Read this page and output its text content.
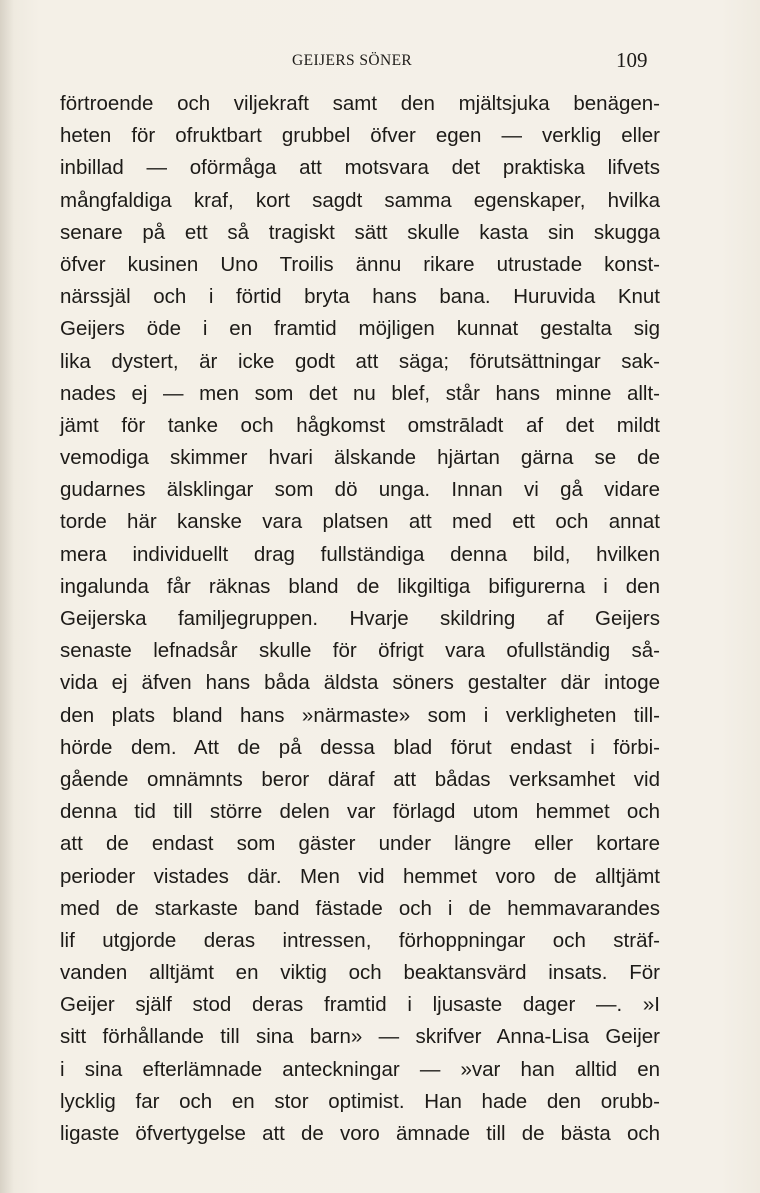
GEIJERS SÖNER	109
förtroende och viljekraft samt den mjältsjuka benägen-
heten för ofruktbart grubbel öfver egen — verklig eller
inbillad — oförmåga att motsvara det praktiska lifvets
mångfaldiga kraf, kort sagdt samma egenskaper, hvilka
senare på ett så tragiskt sätt skulle kasta sin skugga
öfver kusinen Uno Troilis ännu rikare utrustade konst-
närssjäl och i förtid bryta hans bana. Huruvida Knut
Geijers öde i en framtid möjligen kunnat gestalta sig
lika dystert, är icke godt att säga; förutsättningar sak-
nades ej — men som det nu blef, står hans minne allt-
jämt för tanke och hågkomst omstrāladt af det mildt
vemodiga skimmer hvari älskande hjärtan gärna se de
gudarnes älsklingar som dö unga. Innan vi gå vidare
torde här kanske vara platsen att med ett och annat
mera individuellt drag fullständiga denna bild, hvilken
ingalunda får räknas bland de likgiltiga bifigurerna i den
Geijerska familjegruppen. Hvarje skildring af Geijers
senaste lefnadsår skulle för öfrigt vara ofullständig så-
vida ej äfven hans båda äldsta söners gestalter där intoge
den plats bland hans »närmaste» som i verkligheten till-
hörde dem. Att de på dessa blad förut endast i förbi-
gående omnämnts beror däraf att bådas verksamhet vid
denna tid till större delen var förlagd utom hemmet och
att de endast som gäster under längre eller kortare
perioder vistades där. Men vid hemmet voro de alltjämt
med de starkaste band fästade och i de hemmavarandes
lif utgjorde deras intressen, förhoppningar och sträf-
vanden alltjämt en viktig och beaktansvärd insats. För
Geijer själf stod deras framtid i ljusaste dager —. »I
sitt förhållande till sina barn» — skrifver Anna-Lisa Geijer
i sina efterlämnade anteckningar — »var han alltid en
lycklig far och en stor optimist. Han hade den orubb-
ligaste öfvertygelse att de voro ämnade till de bästa och
